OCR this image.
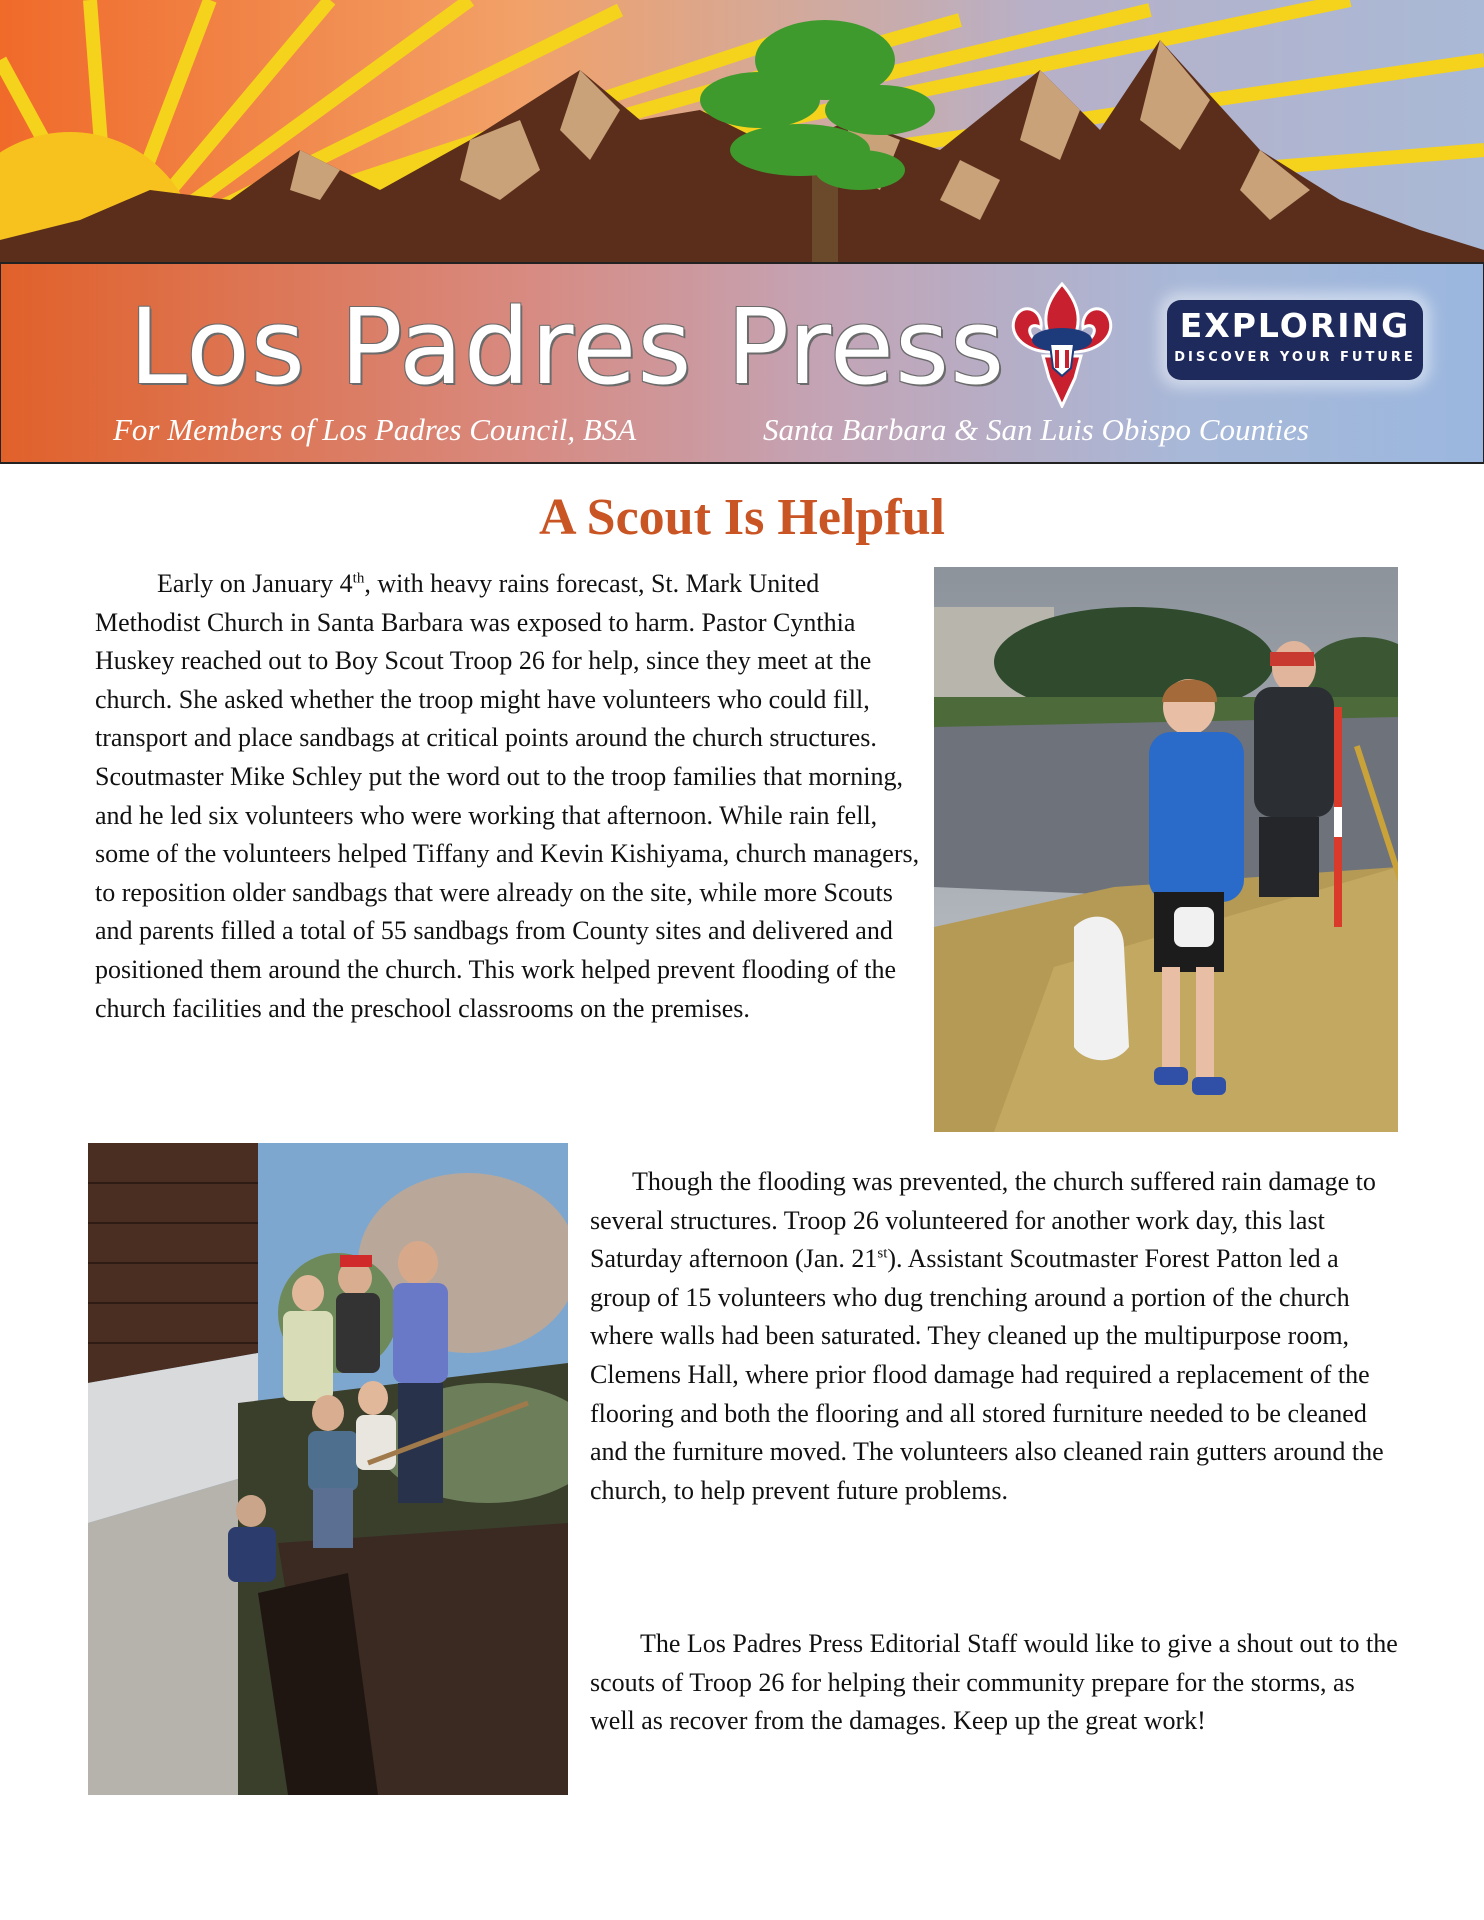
Los Padres Press
For Members of Los Padres Council, BSA	Santa Barbara & San Luis Obispo Counties
EXPLORING
DISCOVER YOUR FUTURE
A Scout Is Helpful

Early on January 4th, with heavy rains forecast, St. Mark United Methodist Church in Santa Barbara was exposed to harm. Pastor Cynthia Huskey reached out to Boy Scout Troop 26 for help, since they meet at the church. She asked whether the troop might have volunteers who could fill, transport and place sandbags at critical points around the church structures. Scoutmaster Mike Schley put the word out to the troop families that morning, and he led six volunteers who were working that afternoon. While rain fell, some of the volunteers helped Tiffany and Kevin Kishiyama, church managers, to reposition older sandbags that were already on the site, while more Scouts and parents filled a total of 55 sandbags from County sites and delivered and positioned them around the church. This work helped prevent flooding of the church facilities and the preschool classrooms on the premises.

Though the flooding was prevented, the church suffered rain damage to several structures. Troop 26 volunteered for another work day, this last Saturday afternoon (Jan. 21st). Assistant Scoutmaster Forest Patton led a group of 15 volunteers who dug trenching around a portion of the church where walls had been saturated. They cleaned up the multipurpose room, Clemens Hall, where prior flood damage had required a replacement of the flooring and both the flooring and all stored furniture needed to be cleaned and the furniture moved. The volunteers also cleaned rain gutters around the church, to help prevent future problems.

The Los Padres Press Editorial Staff would like to give a shout out to the scouts of Troop 26 for helping their community prepare for the storms, as well as recover from the damages. Keep up the great work!
